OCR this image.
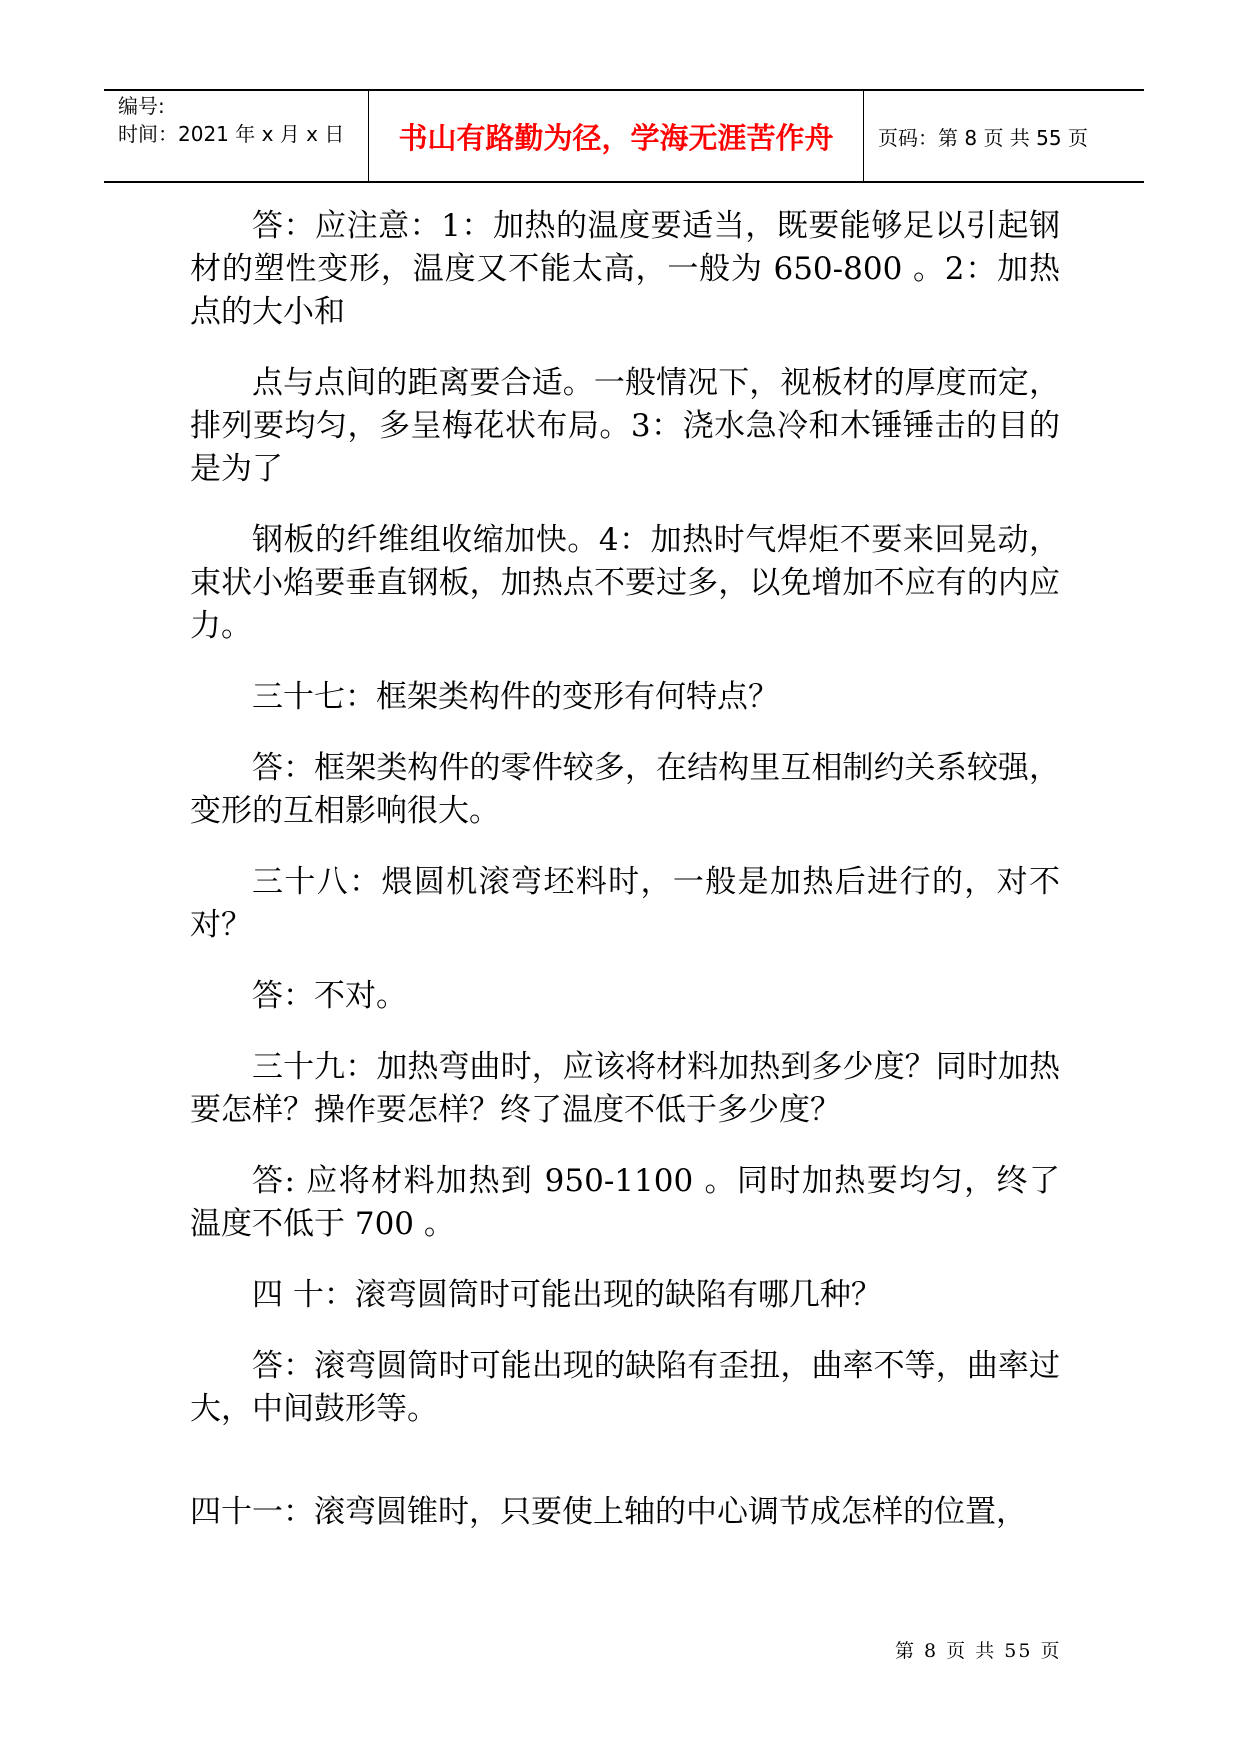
编号:
时间：2021 年 x 月 x 日	书山有路勤为径，学海无涯苦作舟	页码：第 8 页 共 55 页

答：应注意：1：加热的温度要适当，既要能够足以引起钢材的塑性变形，温度又不能太高，一般为 650-800 。2：加热点的大小和

点与点间的距离要合适。一般情况下，视板材的厚度而定，排列要均匀，多呈梅花状布局。3：浇水急冷和木锤锤击的目的是为了

钢板的纤维组收缩加快。4：加热时气焊炬不要来回晃动，束状小焰要垂直钢板，加热点不要过多，以免增加不应有的内应力。

三十七：框架类构件的变形有何特点？

答：框架类构件的零件较多，在结构里互相制约关系较强，变形的互相影响很大。

三十八：煨圆机滚弯坯料时，一般是加热后进行的，对不对？

答：不对。

三十九：加热弯曲时，应该将材料加热到多少度？同时加热要怎样？操作要怎样？终了温度不低于多少度？

答: 应将材料加热到 950-1100 。同时加热要均匀，终了温度不低于 700 。

四 十：滚弯圆筒时可能出现的缺陷有哪几种？

答：滚弯圆筒时可能出现的缺陷有歪扭，曲率不等，曲率过大，中间鼓形等。

四十一：滚弯圆锥时，只要使上轴的中心调节成怎样的位置，

第 8 页 共 55 页
